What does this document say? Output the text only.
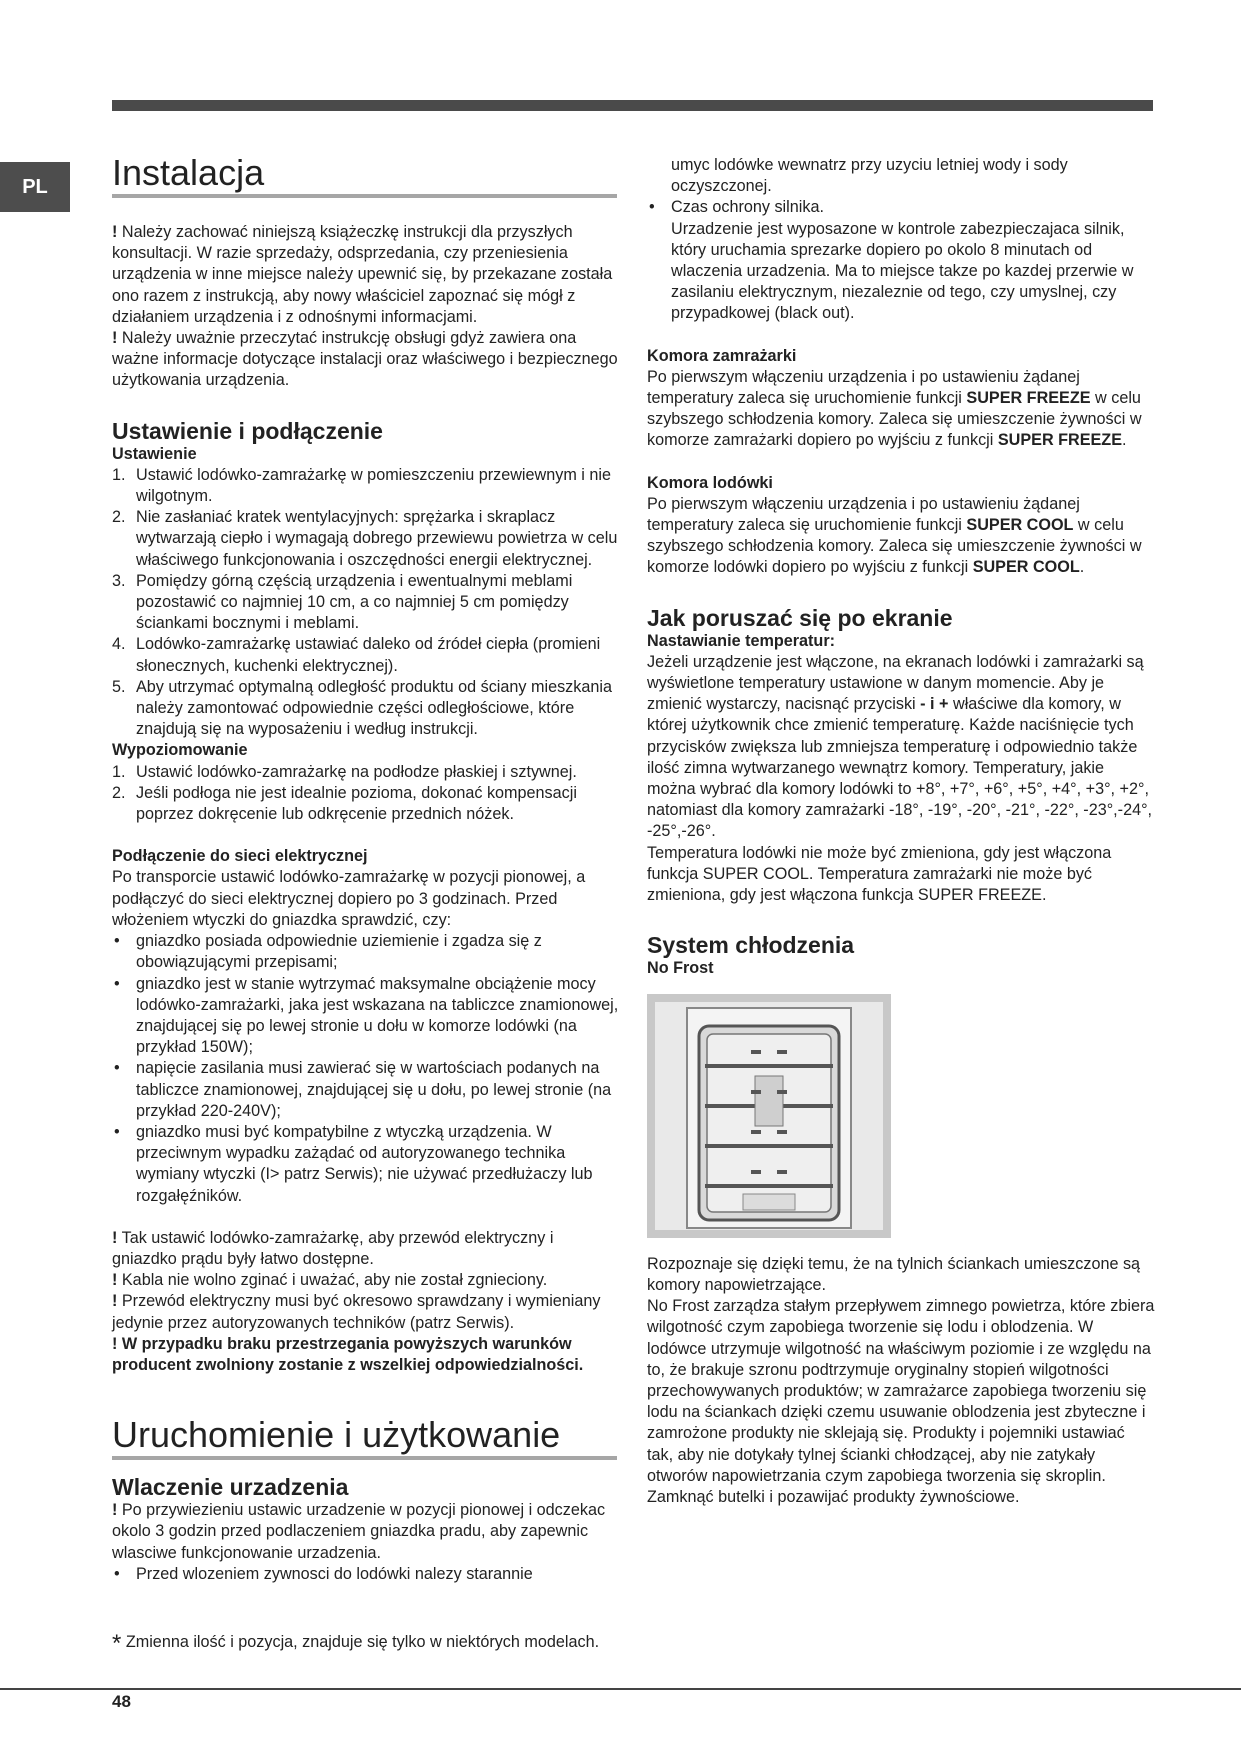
PL Instalacja

! Należy zachować niniejszą książeczkę instrukcji dla przyszłych konsultacji. W razie sprzedaży, odsprzedania, czy przeniesienia urządzenia w inne miejsce należy upewnić się, by przekazane została ono razem z instrukcją, aby nowy właściciel zapoznać się mógł z działaniem urządzenia i z odnośnymi informacjami.

! Należy uważnie przeczytać instrukcję obsługi gdyż zawiera ona ważne informacje dotyczące instalacji oraz właściwego i bezpiecznego użytkowania urządzenia.

Ustawienie i podłączenie

Ustawienie

1. Ustawić lodówko-zamrażarkę w pomieszczeniu przewiewnym i nie wilgotnym.
2. Nie zasłaniać kratek wentylacyjnych: sprężarka i skraplacz wytwarzają ciepło i wymagają dobrego przewiewu powietrza w celu właściwego funkcjonowania i oszczędności energii elektrycznej.
3. Pomiędzy górną częścią urządzenia i ewentualnymi meblami pozostawić co najmniej 10 cm, a co najmniej 5 cm pomiędzy ściankami bocznymi i meblami.
4. Lodówko-zamrażarkę ustawiać daleko od źródeł ciepła (promieni słonecznych, kuchenki elektrycznej).
5. Aby utrzymać optymalną odległość produktu od ściany mieszkania należy zamontować odpowiednie części odległościowe, które znajdują się na wyposażeniu i według instrukcji.

Wypoziomowanie

1. Ustawić lodówko-zamrażarkę na podłodze płaskiej i sztywnej.
2. Jeśli podłoga nie jest idealnie pozioma, dokonać kompensacji poprzez dokręcenie lub odkręcenie przednich nóżek.

Podłączenie do sieci elektrycznej

Po transporcie ustawić lodówko-zamrażarkę w pozycji pionowej, a podłączyć do sieci elektrycznej dopiero po 3 godzinach. Przed włożeniem wtyczki do gniazdka sprawdzić, czy:

• gniazdko posiada odpowiednie uziemienie i zgadza się z obowiązującymi przepisami;
• gniazdko jest w stanie wytrzymać maksymalne obciążenie mocy lodówko-zamrażarki, jaka jest wskazana na tabliczce znamionowej, znajdującej się po lewej stronie u dołu w komorze lodówki (na przykład 150W);
• napięcie zasilania musi zawierać się w wartościach podanych na tabliczce znamionowej, znajdującej się u dołu, po lewej stronie (na przykład 220-240V);
• gniazdko musi być kompatybilne z wtyczką urządzenia. W przeciwnym wypadku zażądać od autoryzowanego technika wymiany wtyczki (I> patrz Serwis); nie używać przedłużaczy lub rozgałęźników.

! Tak ustawić lodówko-zamrażarkę, aby przewód elektryczny i gniazdko prądu były łatwo dostępne.

! Kabla nie wolno zginać i uważać, aby nie został zgnieciony.

! Przewód elektryczny musi być okresowo sprawdzany i wymieniany jedynie przez autoryzowanych techników (patrz Serwis).

! W przypadku braku przestrzegania powyższych warunków producent zwolniony zostanie z wszelkiej odpowiedzialności.

Uruchomienie i użytkowanie
Wlaczenie urzadzenia

! Po przywiezieniu ustawic urzadzenie w pozycji pionowej i odczekac okolo 3 godzin przed podlaczeniem gniazdka pradu, aby zapewnic wlasciwe funkcjonowanie urzadzenia.

• Przed wlozeniem zywnosci do lodówki nalezy starannie
* Zmienna ilość i pozycja, znajduje się tylko w niektórych modelach.

umyc lodówke wewnatrz przy uzyciu letniej wody i sody oczyszczonej.

• Czas ochrony silnika.
Urzadzenie jest wyposazone w kontrole zabezpieczajaca silnik, który uruchamia sprezarke dopiero po okolo 8 minutach od wlaczenia urzadzenia. Ma to miejsce takze po kazdej przerwie w zasilaniu elektrycznym, niezaleznie od tego, czy umyslnej, czy przypadkowej (black out).

Komora zamrażarki

Po pierwszym włączeniu urządzenia i po ustawieniu żądanej temperatury zaleca się uruchomienie funkcji SUPER FREEZE w celu szybszego schłodzenia komory. Zaleca się umieszczenie żywności w komorze zamrażarki dopiero po wyjściu z funkcji SUPER FREEZE.

Komora lodówki

Po pierwszym włączeniu urządzenia i po ustawieniu żądanej temperatury zaleca się uruchomienie funkcji SUPER COOL w celu szybszego schłodzenia komory. Zaleca się umieszczenie żywności w komorze lodówki dopiero po wyjściu z funkcji SUPER COOL.

Jak poruszać się po ekranie

Nastawianie temperatur:

Jeżeli urządzenie jest włączone, na ekranach lodówki i zamrażarki są wyświetlone temperatury ustawione w danym momencie. Aby je zmienić wystarczy, nacisnąć przyciski - i + właściwe dla komory, w której użytkownik chce zmienić temperaturę. Każde naciśnięcie tych przycisków zwiększa lub zmniejsza temperaturę i odpowiednio także ilość zimna wytwarzanego wewnątrz komory. Temperatury, jakie można wybrać dla komory lodówki to +8°, +7°, +6°, +5°, +4°, +3°, +2°, natomiast dla komory zamrażarki -18°, -19°, -20°, -21°, -22°, -23°,-24°, -25°,-26°.

Temperatura lodówki nie może być zmieniona, gdy jest włączona funkcja SUPER COOL. Temperatura zamrażarki nie może być zmieniona, gdy jest włączona funkcja SUPER FREEZE.

System chłodzenia

No Frost

Rozpoznaje się dzięki temu, że na tylnich ściankach umieszczone są komory napowietrzające.

No Frost zarządza stałym przepływem zimnego powietrza, które zbiera wilgotność czym zapobiega tworzenie się lodu i oblodzenia. W lodówce utrzymuje wilgotność na właściwym poziomie i ze względu na to, że brakuje szronu podtrzymuje oryginalny stopień wilgotności przechowywanych produktów; w zamrażarce zapobiega tworzeniu się lodu na ściankach dzięki czemu usuwanie oblodzenia jest zbyteczne i zamrożone produkty nie sklejają się. Produkty i pojemniki ustawiać tak, aby nie dotykały tylnej ścianki chłodzącej, aby nie zatykały otworów napowietrzania czym zapobiega tworzenia się skroplin. Zamknąć butelki i pozawijać produkty żywnościowe.

48
